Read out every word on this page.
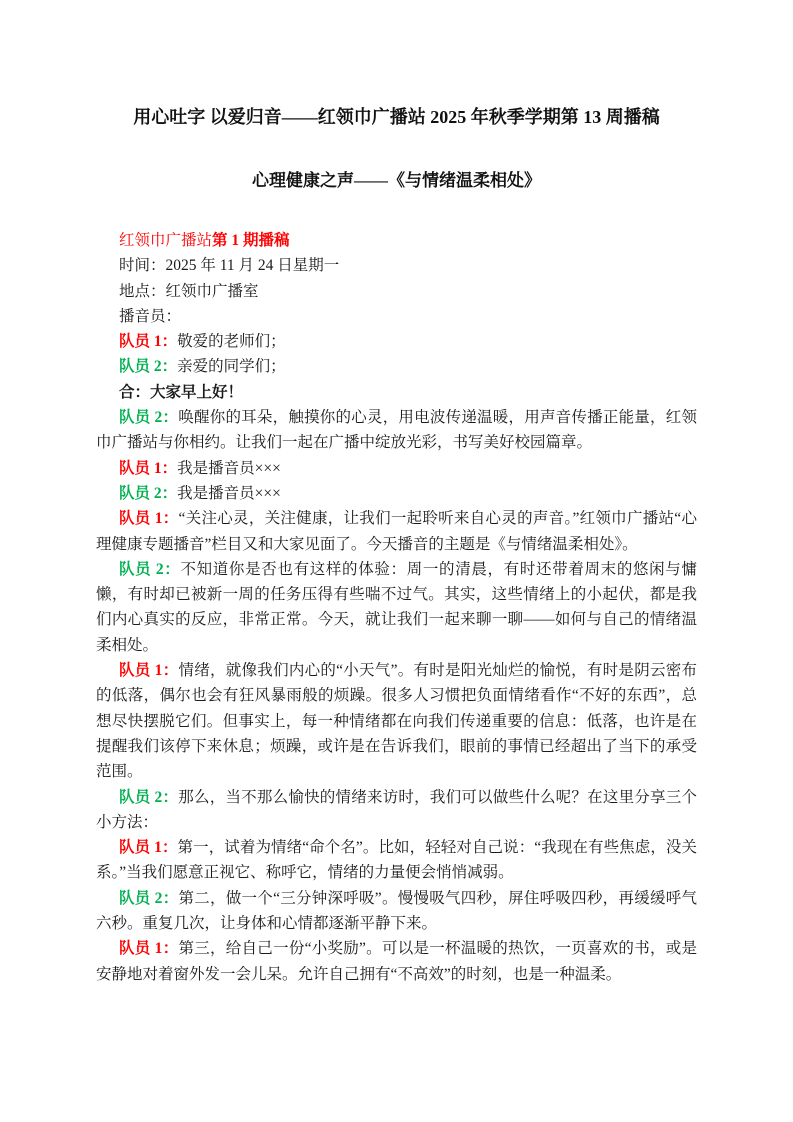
用心吐字 以爱归音——红领巾广播站 2025 年秋季学期第 13 周播稿
心理健康之声——《与情绪温柔相处》

红领巾广播站第 1 期播稿

时间：2025 年 11 月 24 日星期一

地点：红领巾广播室

播音员：

队员 1：敬爱的老师们；

队员 2：亲爱的同学们；

合：大家早上好！

队员 2：唤醒你的耳朵，触摸你的心灵，用电波传递温暖，用声音传播正能量，红领巾广播站与你相约。让我们一起在广播中绽放光彩，书写美好校园篇章。

队员 1：我是播音员×××

队员 2：我是播音员×××

队员 1：“关注心灵，关注健康，让我们一起聆听来自心灵的声音。”红领巾广播站“心理健康专题播音”栏目又和大家见面了。今天播音的主题是《与情绪温柔相处》。

队员 2：不知道你是否也有这样的体验：周一的清晨，有时还带着周末的悠闲与慵懒，有时却已被新一周的任务压得有些喘不过气。其实，这些情绪上的小起伏，都是我们内心真实的反应，非常正常。今天，就让我们一起来聊一聊——如何与自己的情绪温柔相处。

队员 1：情绪，就像我们内心的“小天气”。有时是阳光灿烂的愉悦，有时是阴云密布的低落，偶尔也会有狂风暴雨般的烦躁。很多人习惯把负面情绪看作“不好的东西”，总想尽快摆脱它们。但事实上，每一种情绪都在向我们传递重要的信息：低落，也许是在提醒我们该停下来休息；烦躁，或许是在告诉我们，眼前的事情已经超出了当下的承受范围。

队员 2：那么，当不那么愉快的情绪来访时，我们可以做些什么呢？在这里分享三个小方法：

队员 1：第一，试着为情绪“命个名”。比如，轻轻对自己说：“我现在有些焦虑，没关系。”当我们愿意正视它、称呼它，情绪的力量便会悄悄减弱。

队员 2：第二，做一个“三分钟深呼吸”。慢慢吸气四秒，屏住呼吸四秒，再缓缓呼气六秒。重复几次，让身体和心情都逐渐平静下来。

队员 1：第三，给自己一份“小奖励”。可以是一杯温暖的热饮，一页喜欢的书，或是安静地对着窗外发一会儿呆。允许自己拥有“不高效”的时刻，也是一种温柔。
